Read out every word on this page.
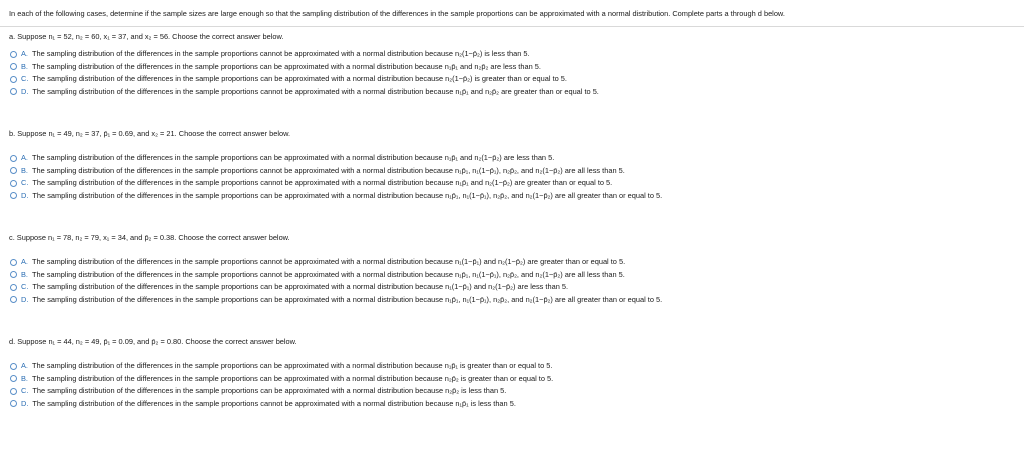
In each of the following cases, determine if the sample sizes are large enough so that the sampling distribution of the differences in the sample proportions can be approximated with a normal distribution. Complete parts a through d below.
a. Suppose n₁ = 52, n₂ = 60, x₁ = 37, and x₂ = 56. Choose the correct answer below.
A. The sampling distribution of the differences in the sample proportions cannot be approximated with a normal distribution because n₂(1−p̄₂) is less than 5.
B. The sampling distribution of the differences in the sample proportions can be approximated with a normal distribution because n₁p̄₁ and n₂p̄₂ are less than 5.
C. The sampling distribution of the differences in the sample proportions can be approximated with a normal distribution because n₂(1−p̄₂) is greater than or equal to 5.
D. The sampling distribution of the differences in the sample proportions cannot be approximated with a normal distribution because n₁p̄₁ and n₂p̄₂ are greater than or equal to 5.
b. Suppose n₁ = 49, n₂ = 37, p̄₁ = 0.69, and x₂ = 21. Choose the correct answer below.
A. The sampling distribution of the differences in the sample proportions can be approximated with a normal distribution because n₁p̄₁ and n₂(1−p̄₂) are less than 5.
B. The sampling distribution of the differences in the sample proportions cannot be approximated with a normal distribution because n₁p̄₁, n₁(1−p̄₁), n₂p̄₂, and n₂(1−p̄₂) are all less than 5.
C. The sampling distribution of the differences in the sample proportions cannot be approximated with a normal distribution because n₁p̄₁ and n₂(1−p̄₂) are greater than or equal to 5.
D. The sampling distribution of the differences in the sample proportions can be approximated with a normal distribution because n₁p̄₁, n₁(1−p̄₁), n₂p̄₂, and n₂(1−p̄₂) are all greater than or equal to 5.
c. Suppose n₁ = 78, n₂ = 79, x₁ = 34, and p̄₂ = 0.38. Choose the correct answer below.
A. The sampling distribution of the differences in the sample proportions cannot be approximated with a normal distribution because n₁(1−p̄₁) and n₂(1−p̄₂) are greater than or equal to 5.
B. The sampling distribution of the differences in the sample proportions cannot be approximated with a normal distribution because n₁p̄₁, n₁(1−p̄₁), n₂p̄₂, and n₂(1−p̄₂) are all less than 5.
C. The sampling distribution of the differences in the sample proportions can be approximated with a normal distribution because n₁(1−p̄₁) and n₂(1−p̄₂) are less than 5.
D. The sampling distribution of the differences in the sample proportions can be approximated with a normal distribution because n₁p̄₁, n₁(1−p̄₁), n₂p̄₂, and n₂(1−p̄₂) are all greater than or equal to 5.
d. Suppose n₁ = 44, n₂ = 49, p̄₁ = 0.09, and p̄₂ = 0.80. Choose the correct answer below.
A. The sampling distribution of the differences in the sample proportions can be approximated with a normal distribution because n₁p̄₁ is greater than or equal to 5.
B. The sampling distribution of the differences in the sample proportions can be approximated with a normal distribution because n₂p̄₂ is greater than or equal to 5.
C. The sampling distribution of the differences in the sample proportions can be approximated with a normal distribution because n₂p̄₂ is less than 5.
D. The sampling distribution of the differences in the sample proportions cannot be approximated with a normal distribution because n₁p̄₁ is less than 5.
